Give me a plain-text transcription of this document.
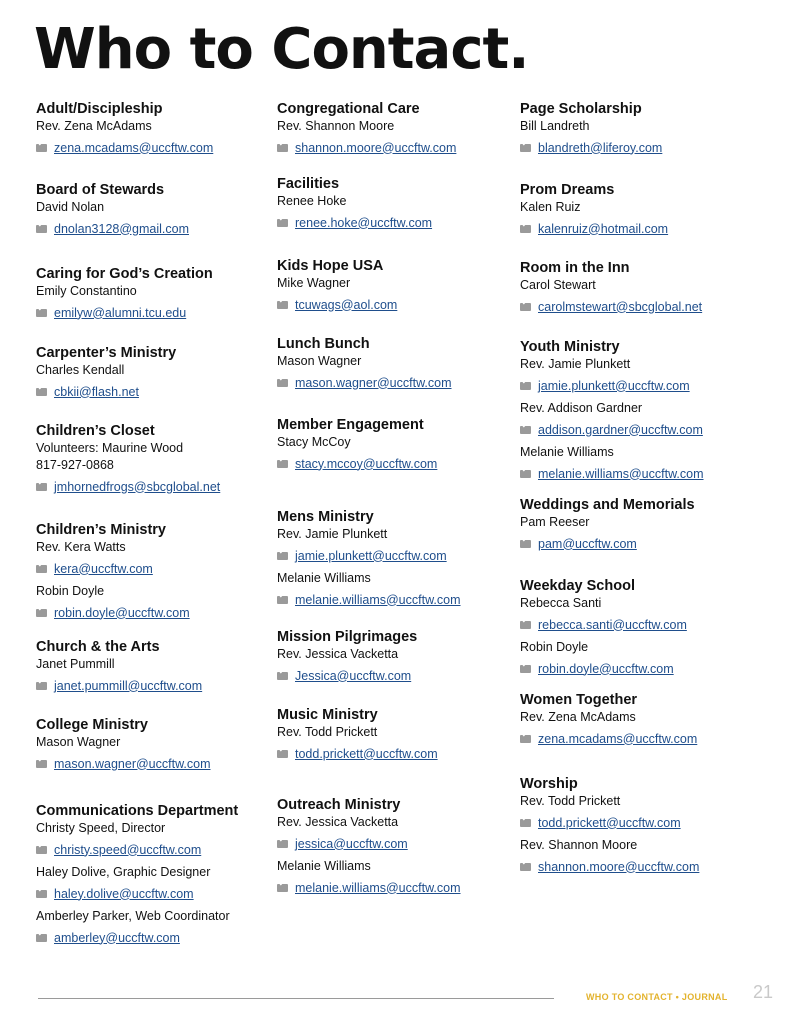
Who to Contact.
Adult/Discipleship
Rev. Zena McAdams
zena.mcadams@uccftw.com
Board of Stewards
David Nolan
dnolan3128@gmail.com
Caring for God’s Creation
Emily Constantino
emilyw@alumni.tcu.edu
Carpenter’s Ministry
Charles Kendall
cbkii@flash.net
Children’s Closet
Volunteers: Maurine Wood
817-927-0868
jmhornedfrogs@sbcglobal.net
Children’s Ministry
Rev. Kera Watts
kera@uccftw.com
Robin Doyle
robin.doyle@uccftw.com
Church & the Arts
Janet Pummill
janet.pummill@uccftw.com
College Ministry
Mason Wagner
mason.wagner@uccftw.com
Communications Department
Christy Speed, Director
christy.speed@uccftw.com
Haley Dolive, Graphic Designer
haley.dolive@uccftw.com
Amberley Parker, Web Coordinator
amberley@uccftw.com
Congregational Care
Rev. Shannon Moore
shannon.moore@uccftw.com
Facilities
Renee Hoke
renee.hoke@uccftw.com
Kids Hope USA
Mike Wagner
tcuwags@aol.com
Lunch Bunch
Mason Wagner
mason.wagner@uccftw.com
Member Engagement
Stacy McCoy
stacy.mccoy@uccftw.com
Mens Ministry
Rev. Jamie Plunkett
jamie.plunkett@uccftw.com
Melanie Williams
melanie.williams@uccftw.com
Mission Pilgrimages
Rev. Jessica Vacketta
Jessica@uccftw.com
Music Ministry
Rev. Todd Prickett
todd.prickett@uccftw.com
Outreach Ministry
Rev. Jessica Vacketta
jessica@uccftw.com
Melanie Williams
melanie.williams@uccftw.com
Page Scholarship
Bill Landreth
blandreth@liferoy.com
Prom Dreams
Kalen Ruiz
kalenruiz@hotmail.com
Room in the Inn
Carol Stewart
carolmstewart@sbcglobal.net
Youth Ministry
Rev. Jamie Plunkett
jamie.plunkett@uccftw.com
Rev. Addison Gardner
addison.gardner@uccftw.com
Melanie Williams
melanie.williams@uccftw.com
Weddings and Memorials
Pam Reeser
pam@uccftw.com
Weekday School
Rebecca Santi
rebecca.santi@uccftw.com
Robin Doyle
robin.doyle@uccftw.com
Women Together
Rev. Zena McAdams
zena.mcadams@uccftw.com
Worship
Rev. Todd Prickett
todd.prickett@uccftw.com
Rev. Shannon Moore
shannon.moore@uccftw.com
WHO TO CONTACT • JOURNAL 21
